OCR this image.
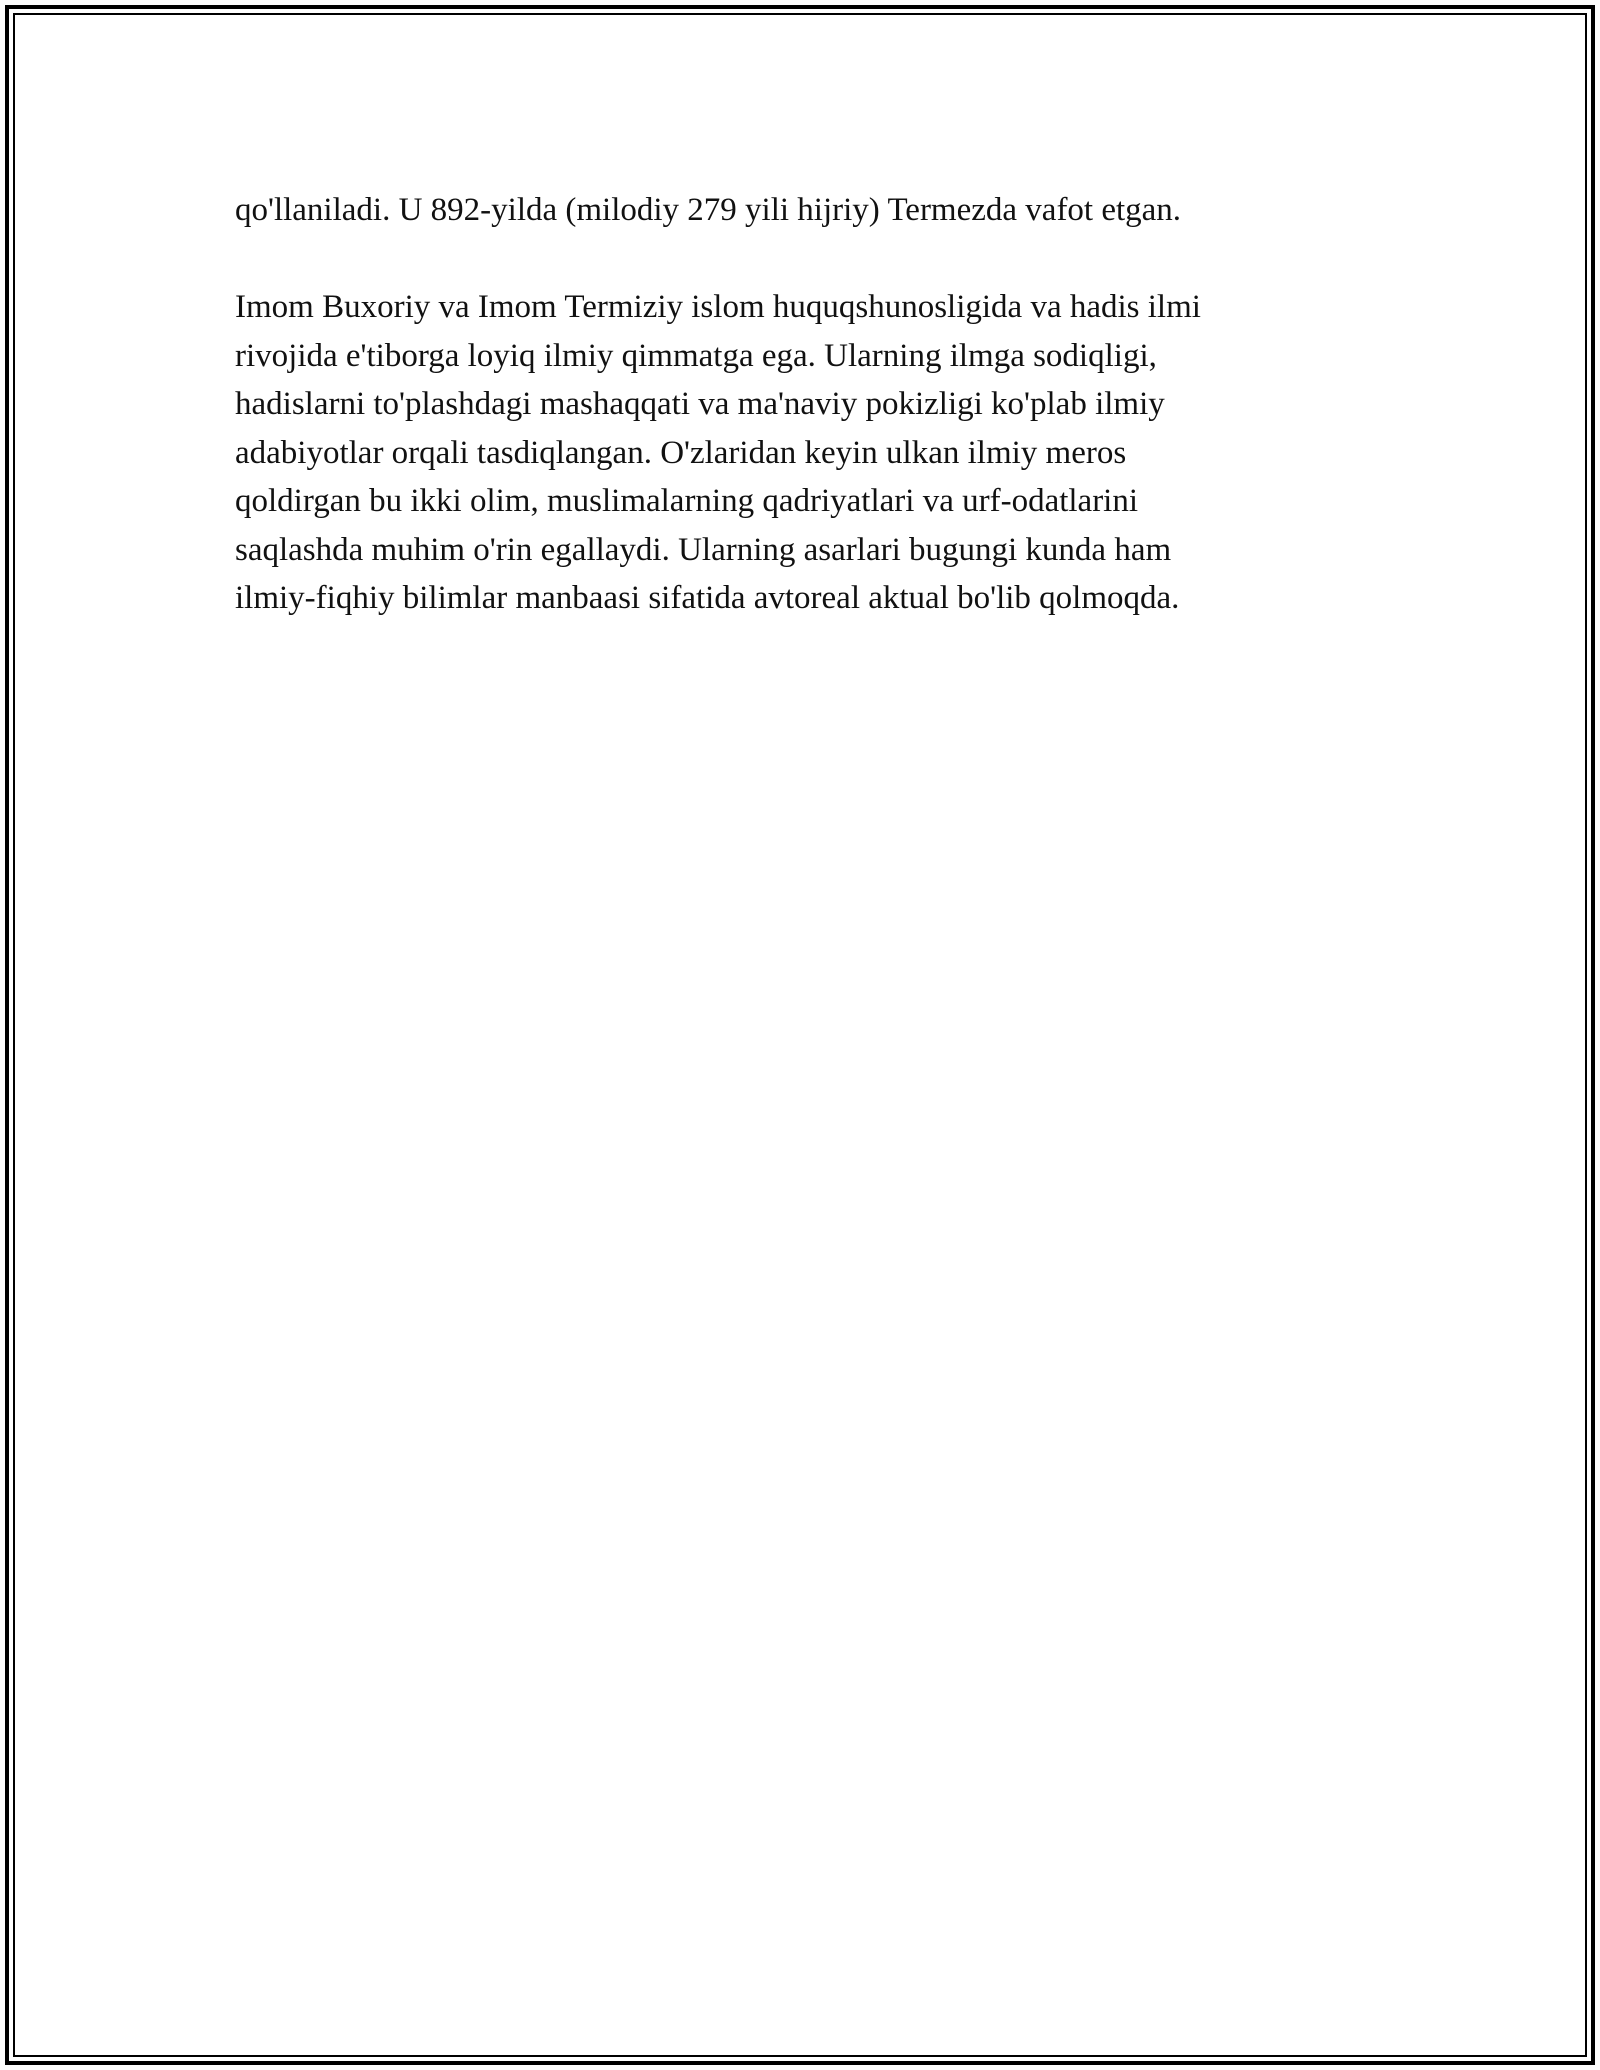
qo'llaniladi. U 892-yilda (milodiy 279 yili hijriy) Termezda vafot etgan.

Imom Buxoriy va Imom Termiziy islom huquqshunosligida va hadis ilmi
rivojida e'tiborga loyiq ilmiy qimmatga ega. Ularning ilmga sodiqligi,
hadislarni to'plashdagi mashaqqati va ma'naviy pokizligi ko'plab ilmiy
adabiyotlar orqali tasdiqlangan. O'zlaridan keyin ulkan ilmiy meros
qoldirgan bu ikki olim, muslimalarning qadriyatlari va urf-odatlarini
saqlashda muhim o'rin egallaydi. Ularning asarlari bugungi kunda ham
ilmiy-fiqhiy bilimlar manbaasi sifatida avtoreal aktual bo'lib qolmoqda.
